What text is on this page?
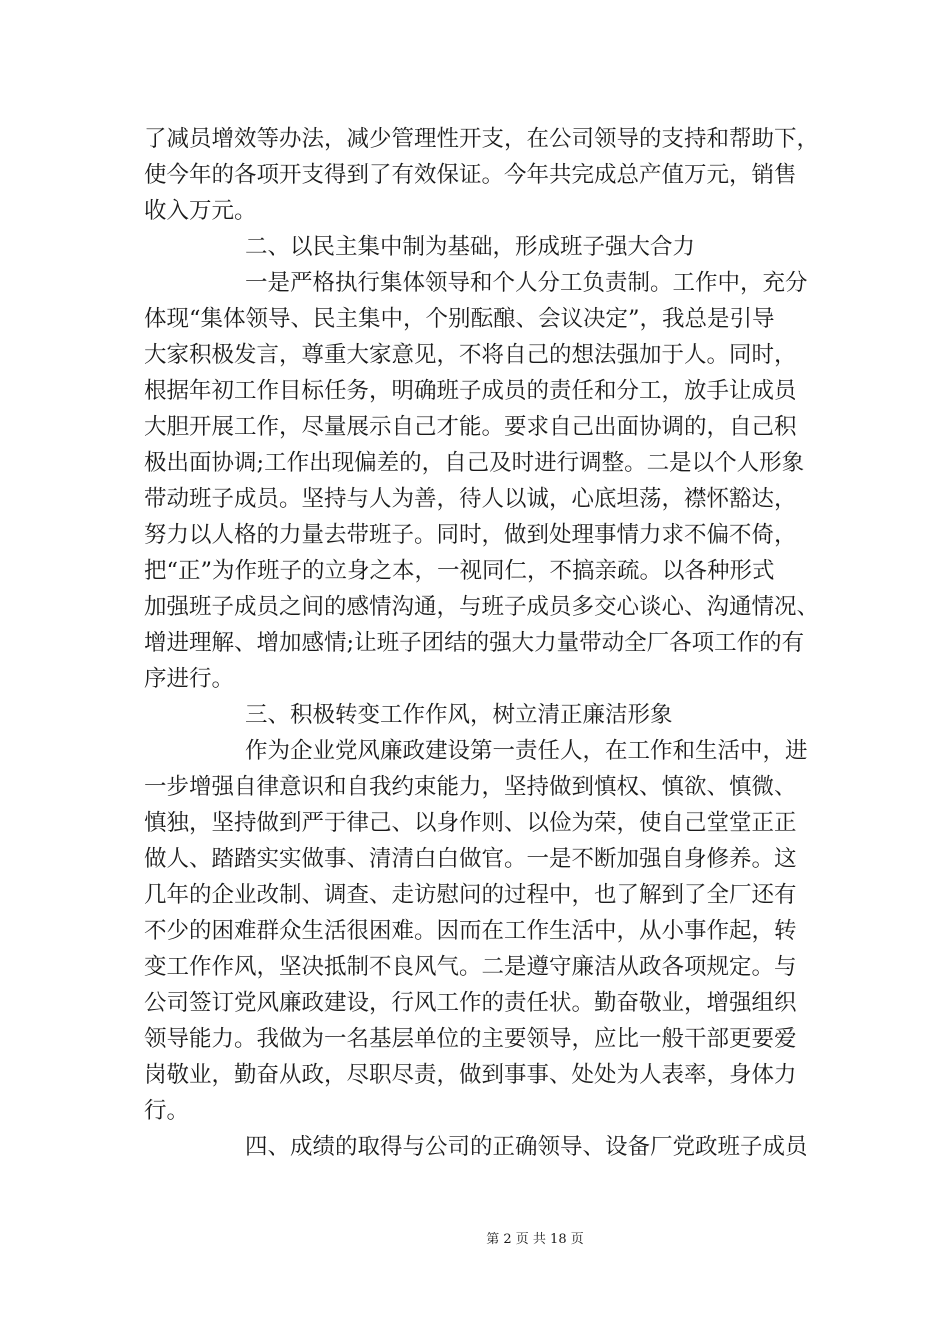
了减员增效等办法，减少管理性开支，在公司领导的支持和帮助下，
使今年的各项开支得到了有效保证。今年共完成总产值万元，销售
收入万元。
二、以民主集中制为基础，形成班子强大合力
一是严格执行集体领导和个人分工负责制。工作中，充分
体现“集体领导、民主集中，个别酝酿、会议决定”，我总是引导
大家积极发言，尊重大家意见，不将自己的想法强加于人。同时，
根据年初工作目标任务，明确班子成员的责任和分工，放手让成员
大胆开展工作，尽量展示自己才能。要求自己出面协调的，自己积
极出面协调;工作出现偏差的，自己及时进行调整。二是以个人形象
带动班子成员。坚持与人为善，待人以诚，心底坦荡，襟怀豁达，
努力以人格的力量去带班子。同时，做到处理事情力求不偏不倚，
把“正”为作班子的立身之本，一视同仁，不搞亲疏。以各种形式
加强班子成员之间的感情沟通，与班子成员多交心谈心、沟通情况、
增进理解、增加感情;让班子团结的强大力量带动全厂各项工作的有
序进行。
三、积极转变工作作风，树立清正廉洁形象
作为企业党风廉政建设第一责任人，在工作和生活中，进
一步增强自律意识和自我约束能力，坚持做到慎权、慎欲、慎微、
慎独，坚持做到严于律己、以身作则、以俭为荣，使自己堂堂正正
做人、踏踏实实做事、清清白白做官。一是不断加强自身修养。这
几年的企业改制、调查、走访慰问的过程中，也了解到了全厂还有
不少的困难群众生活很困难。因而在工作生活中，从小事作起，转
变工作作风，坚决抵制不良风气。二是遵守廉洁从政各项规定。与
公司签订党风廉政建设，行风工作的责任状。勤奋敬业，增强组织
领导能力。我做为一名基层单位的主要领导，应比一般干部更要爱
岗敬业，勤奋从政，尽职尽责，做到事事、处处为人表率，身体力
行。
四、成绩的取得与公司的正确领导、设备厂党政班子成员
第 2 页 共 18 页
